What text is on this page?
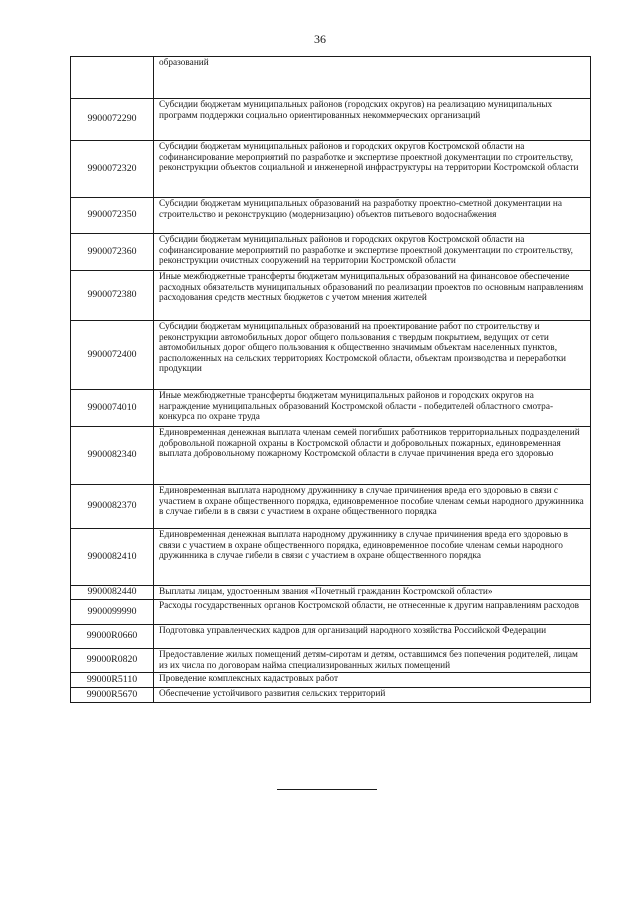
36
	образований
9900072290	Субсидии бюджетам муниципальных районов (городских округов) на реализацию муниципальных программ поддержки социально ориентированных некоммерческих организаций
9900072320	Субсидии бюджетам муниципальных районов и городских округов Костромской области на софинансирование мероприятий по разработке и экспертизе проектной документации по строительству, реконструкции объектов социальной и инженерной инфраструктуры на территории Костромской области
9900072350	Субсидии бюджетам муниципальных образований на разработку проектно-сметной документации на строительство и реконструкцию (модернизацию) объектов питьевого водоснабжения
9900072360	Субсидии бюджетам муниципальных районов и городских округов Костромской области на софинансирование мероприятий по разработке и экспертизе проектной документации по строительству, реконструкции очистных сооружений на территории Костромской области
9900072380	Иные межбюджетные трансферты бюджетам муниципальных образований на финансовое обеспечение расходных обязательств муниципальных образований по реализации проектов по основным направлениям расходования средств местных бюджетов с учетом мнения жителей
9900072400	Субсидии бюджетам муниципальных образований на проектирование работ по строительству и реконструкции автомобильных дорог общего пользования с твердым покрытием, ведущих от сети автомобильных дорог общего пользования к общественно значимым объектам населенных пунктов, расположенных на сельских территориях Костромской области, объектам производства и переработки продукции
9900074010	Иные межбюджетные трансферты бюджетам муниципальных районов и городских округов на награждение муниципальных образований Костромской области - победителей областного смотра-конкурса по охране труда
9900082340	Единовременная денежная выплата членам семей погибших работников территориальных подразделений добровольной пожарной охраны в Костромской области и добровольных пожарных, единовременная выплата добровольному пожарному Костромской области в случае причинения вреда его здоровью
9900082370	Единовременная выплата народному дружиннику в случае причинения вреда его здоровью в связи с участием в охране общественного порядка, единовременное пособие членам семьи народного дружинника в случае гибели в в связи с участием в охране общественного порядка
9900082410	Единовременная денежная выплата народному дружиннику в случае причинения вреда его здоровью в связи с участием в охране общественного порядка, единовременное пособие членам семьи народного дружинника в случае гибели в связи с участием в охране общественного порядка
9900082440	Выплаты лицам, удостоенным звания «Почетный гражданин Костромской области»
9900099990	Расходы государственных органов Костромской области, не отнесенные к другим направлениям расходов
99000R0660	Подготовка управленческих кадров для организаций народного хозяйства Российской Федерации
99000R0820	Предоставление жилых помещений детям-сиротам и детям, оставшимся без попечения родителей, лицам из их числа по договорам найма специализированных жилых помещений
99000R5110	Проведение комплексных кадастровых работ
99000R5670	Обеспечение устойчивого развития сельских территорий
